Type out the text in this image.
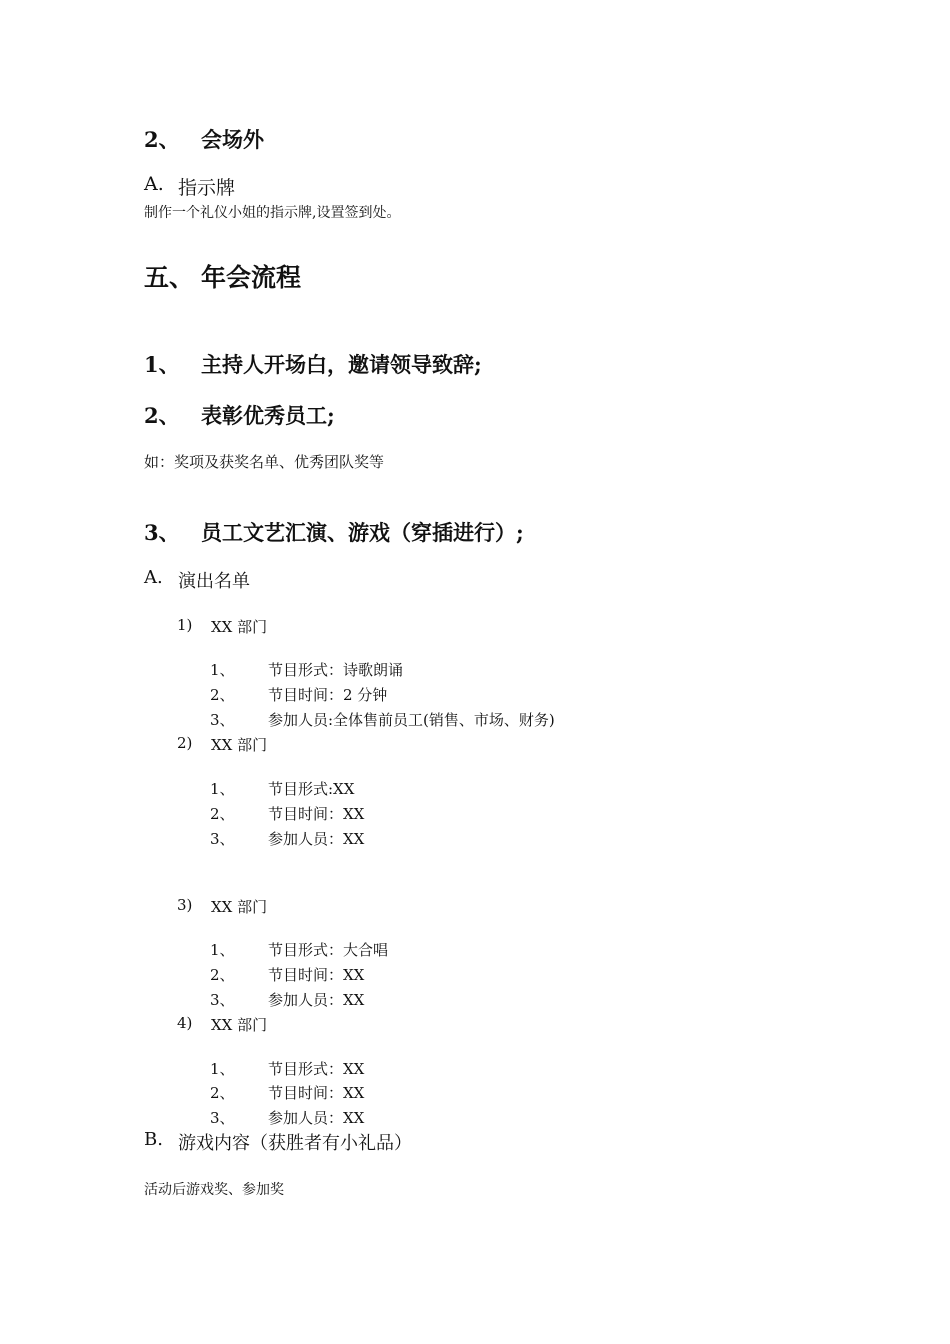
2、 会场外
A. 指示牌
制作一个礼仪小姐的指示牌,设置签到处。
五、 年会流程
1、 主持人开场白，邀请领导致辞;
2、 表彰优秀员工;
如：奖项及获奖名单、优秀团队奖等
3、 员工文艺汇演、游戏（穿插进行）;
A. 演出名单
1) XX 部门
1、 节目形式：诗歌朗诵
2、 节目时间：2 分钟
3、 参加人员:全体售前员工(销售、市场、财务)
2) XX 部门
1、 节目形式:XX
2、 节目时间：XX
3、 参加人员：XX
3) XX 部门
1、 节目形式：大合唱
2、 节目时间：XX
3、 参加人员：XX
4) XX 部门
1、 节目形式：XX
2、 节目时间：XX
3、 参加人员：XX
B. 游戏内容（获胜者有小礼品）
活动后游戏奖、参加奖
